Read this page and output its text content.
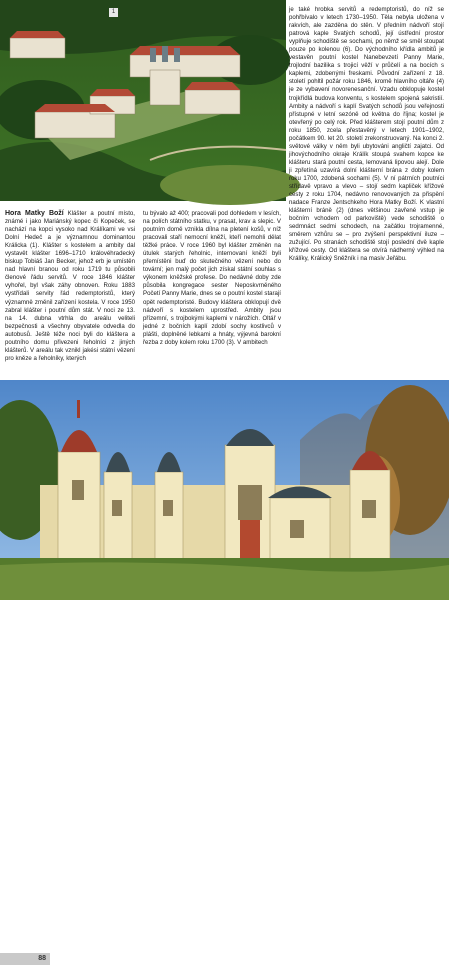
1

Hora Matky Boží Klášter a poutní místo, známé i jako Mariánský kopec či Kopeček, se nachází na kopci vysoko nad Králíkami ve vsi Dolní Hedeč a je významnou dominantou Králicka (1). Klášter s kostelem a ambity dal vystavět klášter 1696–1710 královéhradecký biskup Tobiáš Jan Becker, jehož erb je umístěn nad hlavní branou od roku 1719 tu působili členové řádu servitů. V roce 1846 klášter vyhořel, byl však záhy obnoven. Roku 1883 vystřídali servity řád redemptoristů, který významně změnil zařízení kostela. V roce 1950 zabral klášter i poutní dům stát. V noci ze 13. na 14. dubna vtrhla do areálu veliteli bezpečnosti a všechny obyvatele odvedla do autobusů. Ještě téže noci byli do kláštera a poutního domu přivezeni řeholníci z jiných klášterů. V areálu tak vznikl jakési státní vězení pro kněze a řeholníky, kterých

tu bývalo až 400; pracovali pod dohledem v lesích, na polích státního statku, v prasat, krav a slepic. V poutním domě vznikla dílna na pletení košů, v níž pracovali staří nemocní kněží, kteří nemohli dělat těžké práce. V roce 1960 byl klášter změněn na útulek starých řeholnic, internovaní kněží byli přemístěni buď do skutečného vězení nebo do tovární; jen malý počet jich získal státní souhlas s výkonem kněžské profese. Do nedávné doby zde působila kongregace sester Neposkvrněného Početí Panny Marie, dnes se o poutní kostel starají opět redemptoristé. Budovy kláštera obklopují dvě nádvoří s kostelem uprostřed. Ambity jsou přízemní, s trojbokými kaplemi v nárožích. Oltář v jedné z bočních kaplí zdobí sochy kostlivců v plášti, doplněné lebkami a hnáty, výjevná barokní řezba z doby kolem roku 1700 (3). V ambitech

je také hrobka servitů a redemptoristů, do níž se pohřbívalo v letech 1730–1950. Těla nebyla uložena v rakvích, ale zazděna do stěn. V předním nádvoří stojí patrová kaple Svatých schodů, její ústřední prostor vyplňuje schodiště se sochami, po němž se směl stoupat pouze po kolenou (6). Do východního křídla ambitů je vestavěn poutní kostel Nanebevzetí Panny Marie, trojlodní bazilika s trojicí věží v průčelí a na bocích s kaplemi, zdobenými freskami. Původní zařízení z 18. století pohltil požár roku 1846, kromě hlavního oltáře (4) je ze vybavení novorenesanční. Vzadu obklopuje kostel trojkřídlá budova konventu, s kostelem spojená sakristií. Ambity a nádvoří s kaplí Svatých schodů jsou veřejnosti přístupné v letní sezóně od května do října; kostel je otevřený po celý rok. Před klášterem stojí poutní dům z roku 1850, zcela přestavěný v letech 1901–1902, počátkem 90. let 20. století zrekonstruovaný. Na konci 2. světové války v něm byli ubytováni angličtí zajatci. Od jihovýchodního okraje Králík stoupá svahem kopce ke klášteru stará poutní cesta, lemovaná lipovou alejí. Dole ji zpřetíná uzavírá dolní klášterní brána z doby kolem roku 1700, zdobená sochami (5). V ní pátrních poutníci střídavě vpravo a vlevo – stojí sedm kapliček křížové cesty z roku 1704, nedávno renovovaných za přispění nadace Franze Jentschkeho Hora Matky Boží. K vlastní klášterní bráně (2) (dnes většinou zavřené vstup je bočním vchodem od parkoviště) vede schodiště o sedmnáct sedmi schodech, na začátku trojramenné, směrem vzhůru se – pro zvýšení perspektivní iluze – zužující. Po stranách schodiště stojí poslední dvě kaple křížové cesty. Od kláštera se otvírá nádherný výhled na Králíky, Králický Sněžník i na masiv Jeřábu.

88
